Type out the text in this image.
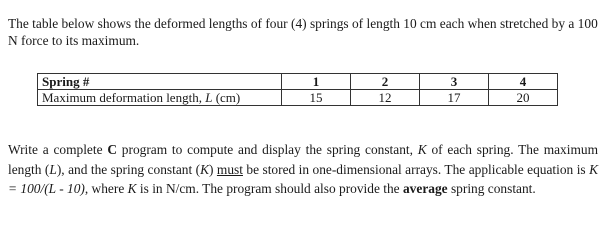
The table below shows the deformed lengths of four (4) springs of length 10 cm each when stretched by a 100 N force to its maximum.

Spring #	1	2	3	4
Maximum deformation length, L (cm)	15	12	17	20

Write a complete C program to compute and display the spring constant, K of each spring. The maximum length (L), and the spring constant (K) must be stored in one-dimensional arrays. The applicable equation is K = 100/(L - 10), where K is in N/cm. The program should also provide the average spring constant.
